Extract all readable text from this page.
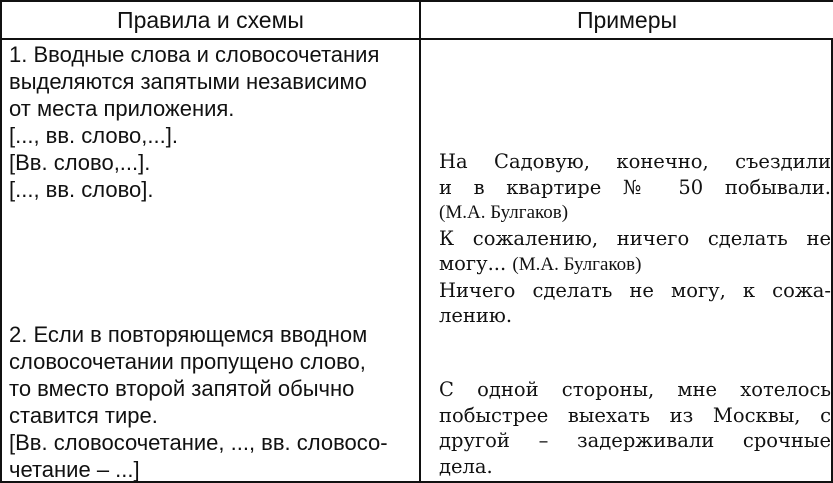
Правила и схемы	Примеры
1. Вводные слова и словосочетания
выделяются запятыми независимо
от места приложения.
[..., вв. слово,...].
[Вв. слово,...].
[..., вв. слово].
На Садовую, конечно, съездили
и в квартире № 50 побывали.
(М.А. Булгаков)
К сожалению, ничего сделать не
могу... (М.А. Булгаков)
Ничего сделать не могу, к сожа-
лению.
2. Если в повторяющемся вводном
словосочетании пропущено слово,
то вместо второй запятой обычно
ставится тире.
[Вв. словосочетание, ..., вв. словосо-
четание – ...]
С одной стороны, мне хотелось
побыстрее выехать из Москвы, с
другой – задерживали срочные
дела.
